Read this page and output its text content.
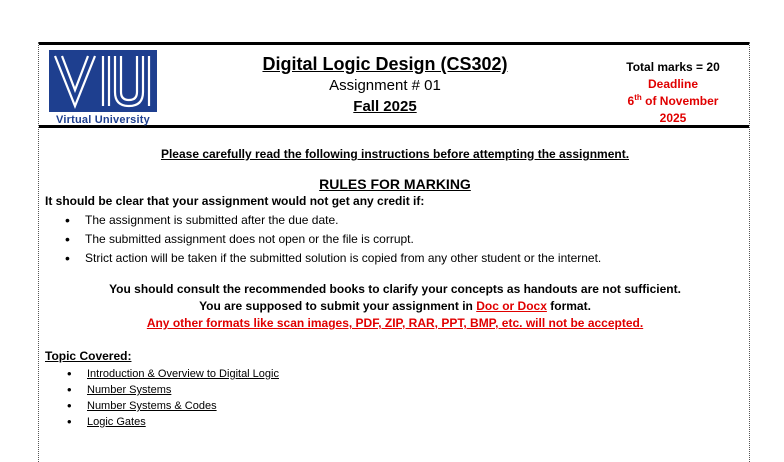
Virtual University
Digital Logic Design (CS302)
Assignment # 01
Fall 2025
Total marks = 20
Deadline
6th of November
2025
Please carefully read the following instructions before attempting the assignment.
RULES FOR MARKING
It should be clear that your assignment would not get any credit if:
• The assignment is submitted after the due date.
• The submitted assignment does not open or the file is corrupt.
• Strict action will be taken if the submitted solution is copied from any other student or the internet.
You should consult the recommended books to clarify your concepts as handouts are not sufficient.
You are supposed to submit your assignment in Doc or Docx format.
Any other formats like scan images, PDF, ZIP, RAR, PPT, BMP, etc. will not be accepted.
Topic Covered:
• Introduction & Overview to Digital Logic
• Number Systems
• Number Systems & Codes
• Logic Gates
